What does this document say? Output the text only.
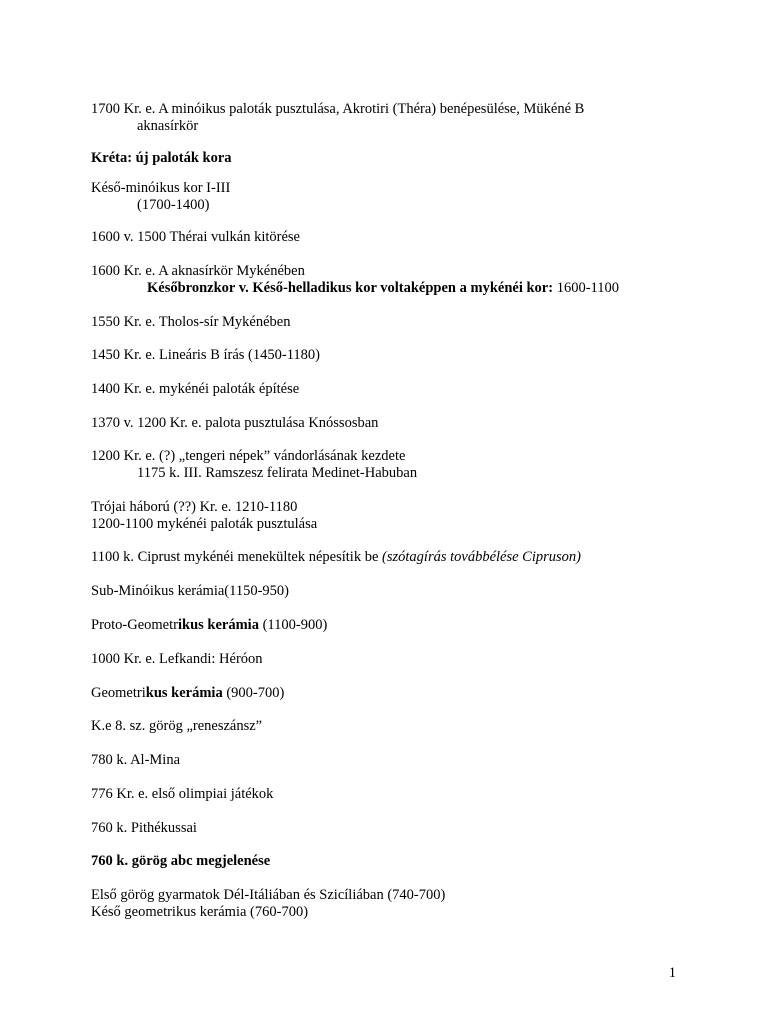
1700 Kr. e. A minóikus paloták pusztulása, Akrotiri (Théra) benépesülése, Mükéné B
aknasírkör
Kréta: új paloták kora
Késő-minóikus kor I-III
(1700-1400)
1600 v. 1500 Thérai vulkán kitörése
1600 Kr. e. A aknasírkör Mykénében
Későbronzkor v. Késő-helladikus kor voltaképpen a mykénéi kor: 1600-1100
1550 Kr. e. Tholos-sír Mykénében
1450 Kr. e. Lineáris B írás (1450-1180)
1400 Kr. e. mykénéi paloták építése
1370 v. 1200 Kr. e. palota pusztulása Knóssosban
1200 Kr. e. (?) „tengeri népek” vándorlásának kezdete
1175 k. III. Ramszesz felirata Medinet-Habuban
Trójai háború (??) Kr. e. 1210-1180
1200-1100 mykénéi paloták pusztulása
1100 k. Ciprust mykénéi menekültek népesítik be (szótagírás továbbélése Cipruson)
Sub-Minóikus kerámia(1150-950)
Proto-Geometrikus kerámia (1100-900)
1000 Kr. e. Lefkandi: Héróon
Geometrikus kerámia (900-700)
K.e 8. sz. görög „reneszánsz”
780 k. Al-Mina
776 Kr. e. első olimpiai játékok
760 k. Pithékussai
760 k. görög abc megjelenése
Első görög gyarmatok Dél-Itáliában és Szicíliában (740-700)
Késő geometrikus kerámia (760-700)
1
